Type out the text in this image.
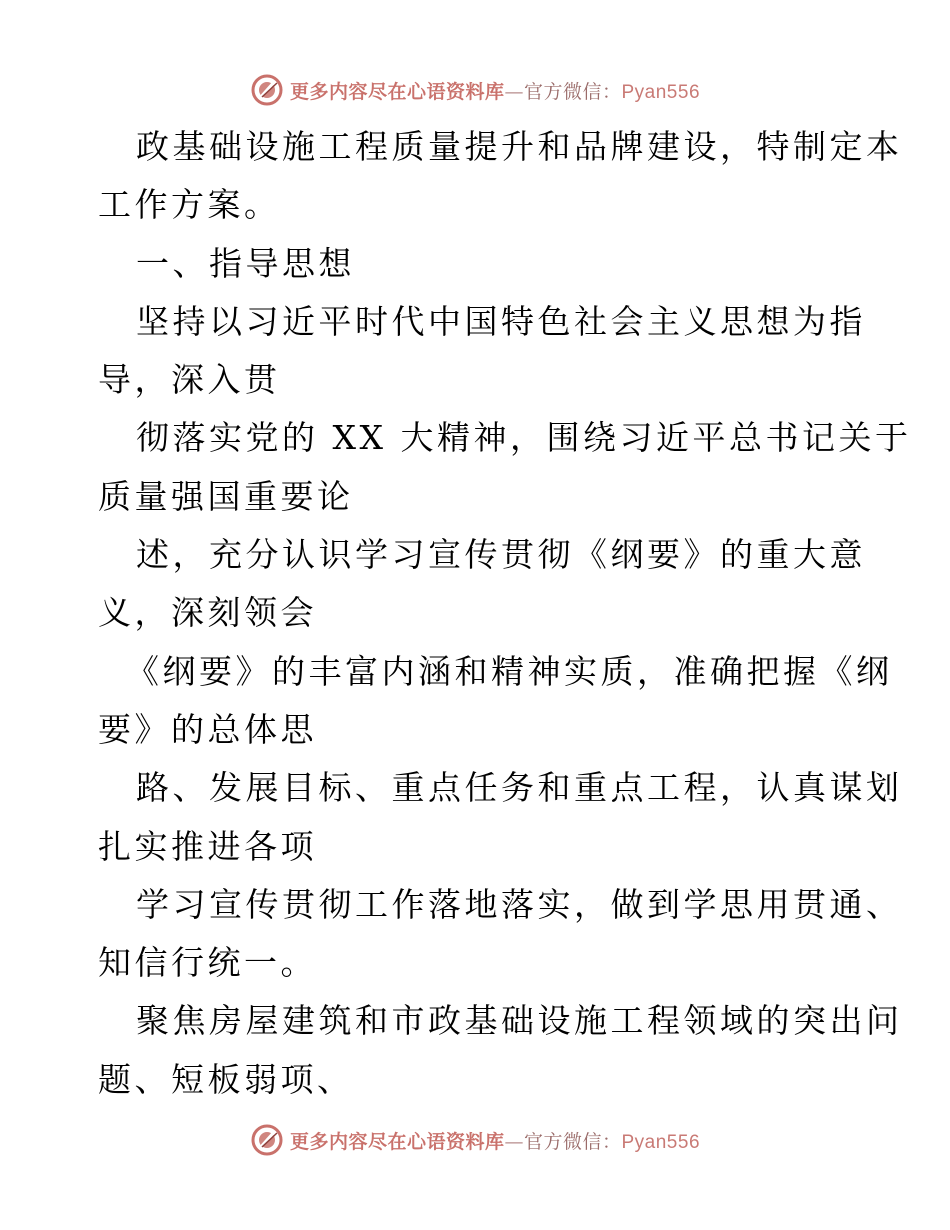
更多内容尽在心语资料库—官方微信：Pyan556
政基础设施工程质量提升和品牌建设，特制定本
工作方案。
一、指导思想
坚持以习近平时代中国特色社会主义思想为指
导，深入贯
彻落实党的 XX 大精神，围绕习近平总书记关于
质量强国重要论
述，充分认识学习宣传贯彻《纲要》的重大意
义，深刻领会
《纲要》的丰富内涵和精神实质，准确把握《纲
要》的总体思
路、发展目标、重点任务和重点工程，认真谋划
扎实推进各项
学习宣传贯彻工作落地落实，做到学思用贯通、
知信行统一。
聚焦房屋建筑和市政基础设施工程领域的突出问
题、短板弱项、
更多内容尽在心语资料库—官方微信：Pyan556
